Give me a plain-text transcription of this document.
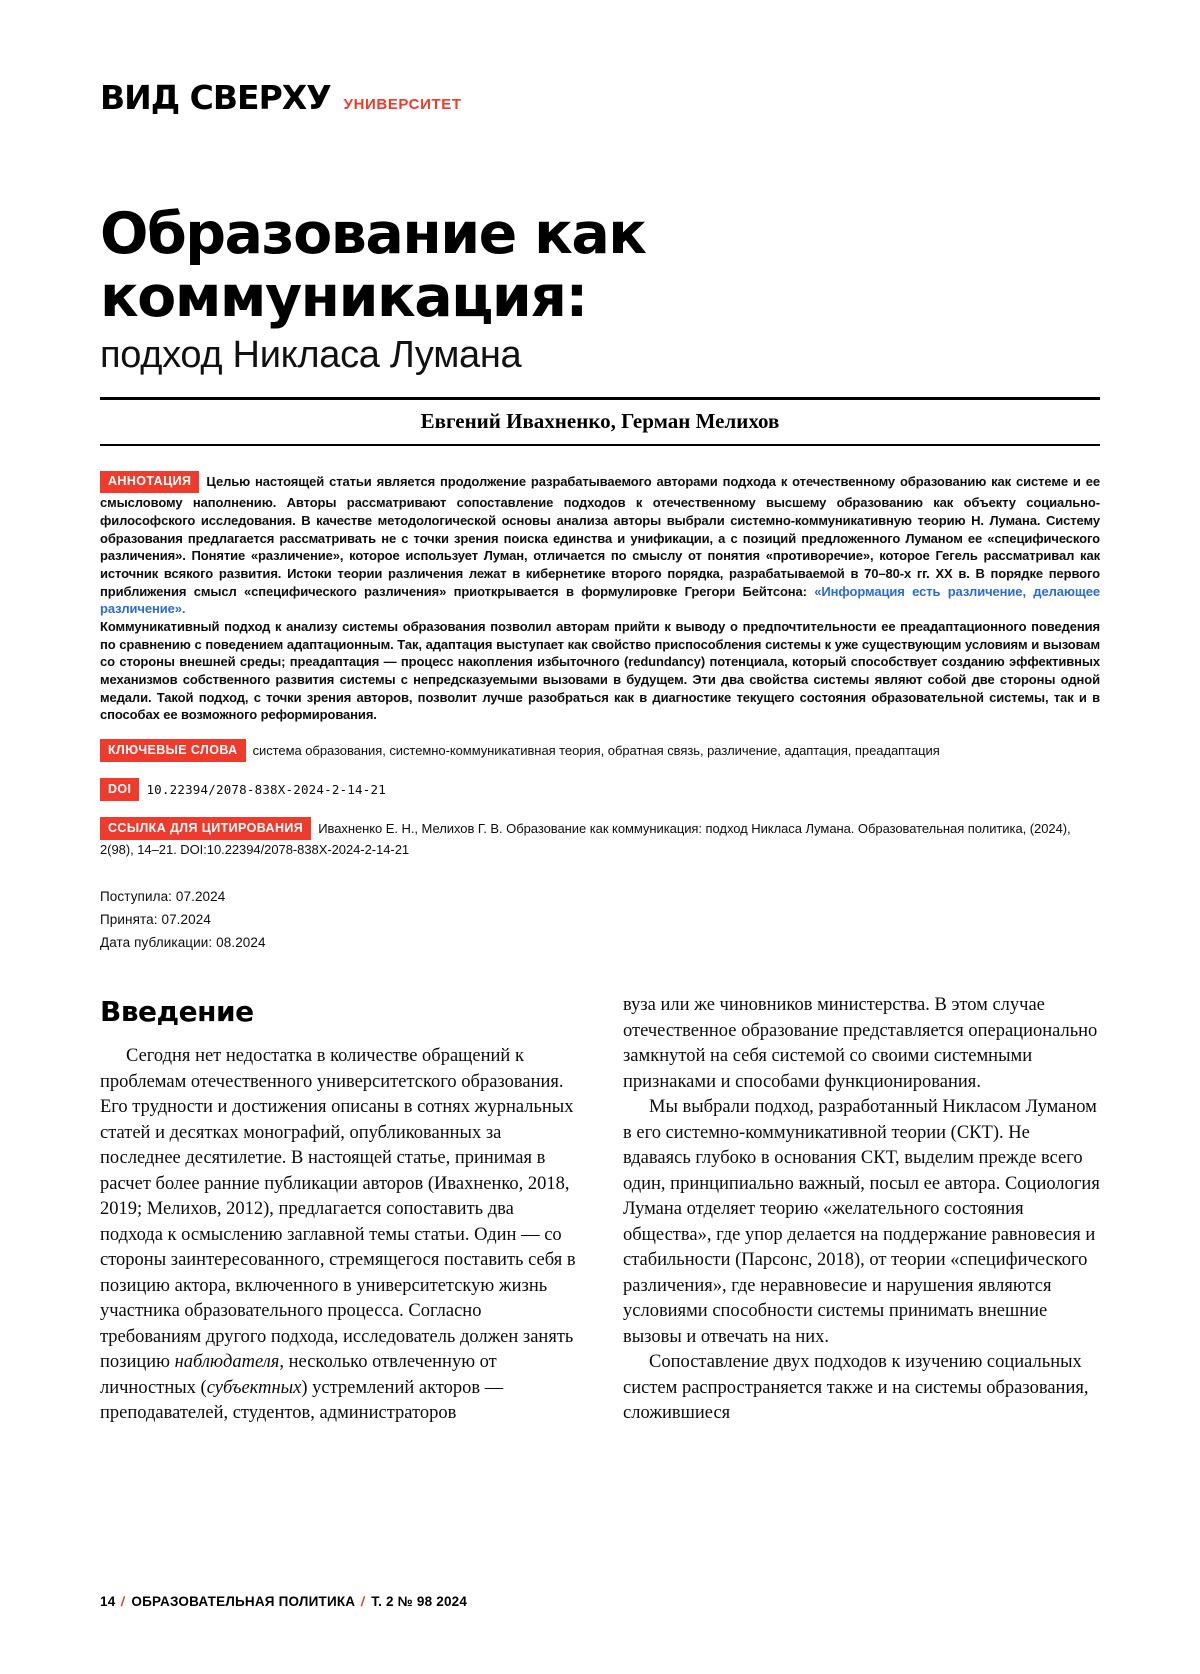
ВИД СВЕРХУ УНИВЕРСИТЕТ
Образование как
коммуникация:
подход Никласа Лумана
Евгений Ивахненко, Герман Мелихов

АННОТАЦИЯ Целью настоящей статьи является продолжение разрабатываемого авторами подхода к отечественному образованию как системе и ее смысловому наполнению. Авторы рассматривают сопоставление подходов к отечественному высшему образованию как объекту социально-философского исследования. В качестве методологической основы анализа авторы выбрали системно-коммуникативную теорию Н. Лумана. Систему образования предлагается рассматривать не с точки зрения поиска единства и унификации, а с позиций предложенного Луманом ее «специфического различения». Понятие «различение», которое использует Луман, отличается по смыслу от понятия «противоречие», которое Гегель рассматривал как источник всякого развития. Истоки теории различения лежат в кибернетике второго порядка, разрабатываемой в 70–80-х гг. ХХ в. В порядке первого приближения смысл «специфического различения» приоткрывается в формулировке Грегори Бейтсона: «Информация есть различение, делающее различение».

Коммуникативный подход к анализу системы образования позволил авторам прийти к выводу о предпочтительности ее преадаптационного поведения по сравнению с поведением адаптационным. Так, адаптация выступает как свойство приспособления системы к уже существующим условиям и вызовам со стороны внешней среды; преадаптация — процесс накопления избыточного (redundancy) потенциала, который способствует созданию эффективных механизмов собственного развития системы с непредсказуемыми вызовами в будущем. Эти два свойства системы являют собой две стороны одной медали. Такой подход, с точки зрения авторов, позволит лучше разобраться как в диагностике текущего состояния образовательной системы, так и в способах ее возможного реформирования.

КЛЮЧЕВЫЕ СЛОВА система образования, системно-коммуникативная теория, обратная связь, различение, адаптация, преадаптация
DOI 10.22394/2078-838X-2024-2-14-21
ССЫЛКА ДЛЯ ЦИТИРОВАНИЯ Ивахненко Е. Н., Мелихов Г. В. Образование как коммуникация: подход Никласа Лумана. Образовательная политика, (2024), 2(98), 14–21. DOI:10.22394/2078-838X-2024-2-14-21
Поступила: 07.2024
Принята: 07.2024
Дата публикации: 08.2024
Введение

Сегодня нет недостатка в количестве обращений к проблемам отечественного университетского образования. Его трудности и достижения описаны в сотнях журнальных статей и десятках монографий, опубликованных за последнее десятилетие. В настоящей статье, принимая в расчет более ранние публикации авторов (Ивахненко, 2018, 2019; Мелихов, 2012), предлагается сопоставить два подхода к осмыслению заглавной темы статьи. Один — со стороны заинтересованного, стремящегося поставить себя в позицию актора, включенного в университетскую жизнь участника образовательного процесса. Согласно требованиям другого подхода, исследователь должен занять позицию наблюдателя, несколько отвлеченную от личностных (субъектных) устремлений акторов — преподавателей, студентов, администраторов

вуза или же чиновников министерства. В этом случае отечественное образование представляется операционально замкнутой на себя системой со своими системными признаками и способами функционирования.

Мы выбрали подход, разработанный Никласом Луманом в его системно-коммуникативной теории (СКТ). Не вдаваясь глубоко в основания СКТ, выделим прежде всего один, принципиально важный, посыл ее автора. Социология Лумана отделяет теорию «желательного состояния общества», где упор делается на поддержание равновесия и стабильности (Парсонс, 2018), от теории «специфического различения», где неравновесие и нарушения являются условиями способности системы принимать внешние вызовы и отвечать на них.

Сопоставление двух подходов к изучению социальных систем распространяется также и на системы образования, сложившиеся

14 / ОБРАЗОВАТЕЛЬНАЯ ПОЛИТИКА / Т. 2 № 98 2024
